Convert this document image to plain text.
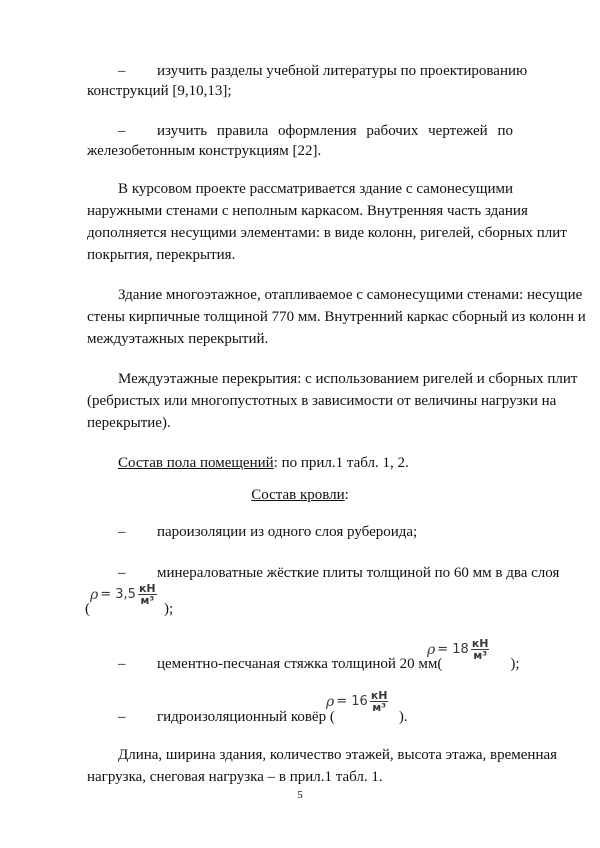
– изучить разделы учебной литературы по проектированию
конструкций [9,10,13];
– изучить правила оформления рабочих чертежей по
железобетонным конструкциям [22].
В курсовом проекте рассматривается здание с самонесущими
наружными стенами с неполным каркасом. Внутренняя часть здания
дополняется несущими элементами: в виде колонн, ригелей, сборных плит
покрытия, перекрытия.
Здание многоэтажное, отапливаемое с самонесущими стенами: несущие
стены кирпичные толщиной 770 мм. Внутренний каркас сборный из колонн и
междуэтажных перекрытий.
Междуэтажные перекрытия: с использованием ригелей и сборных плит
(ребристых или многопустотных в зависимости от величины нагрузки на
перекрытие).
Состав пола помещений: по прил.1 табл. 1, 2.
Состав кровли:
– пароизоляции из одного слоя рубероида;
– минераловатные жёсткие плиты толщиной по 60 мм в два слоя
(	);
$\rho = 3,5 \frac{кН}{\text{м³}}$
– цементно-песчаная стяжка толщиной 20 мм(	);
$\rho = 18 \frac{кН}{\text{м³}}$
– гидроизоляционный ковёр (	).
$\rho = 16 \frac{кН}{\text{м³}}$
Длина, ширина здания, количество этажей, высота этажа, временная
нагрузка, снеговая нагрузка – в прил.1 табл. 1.
5
